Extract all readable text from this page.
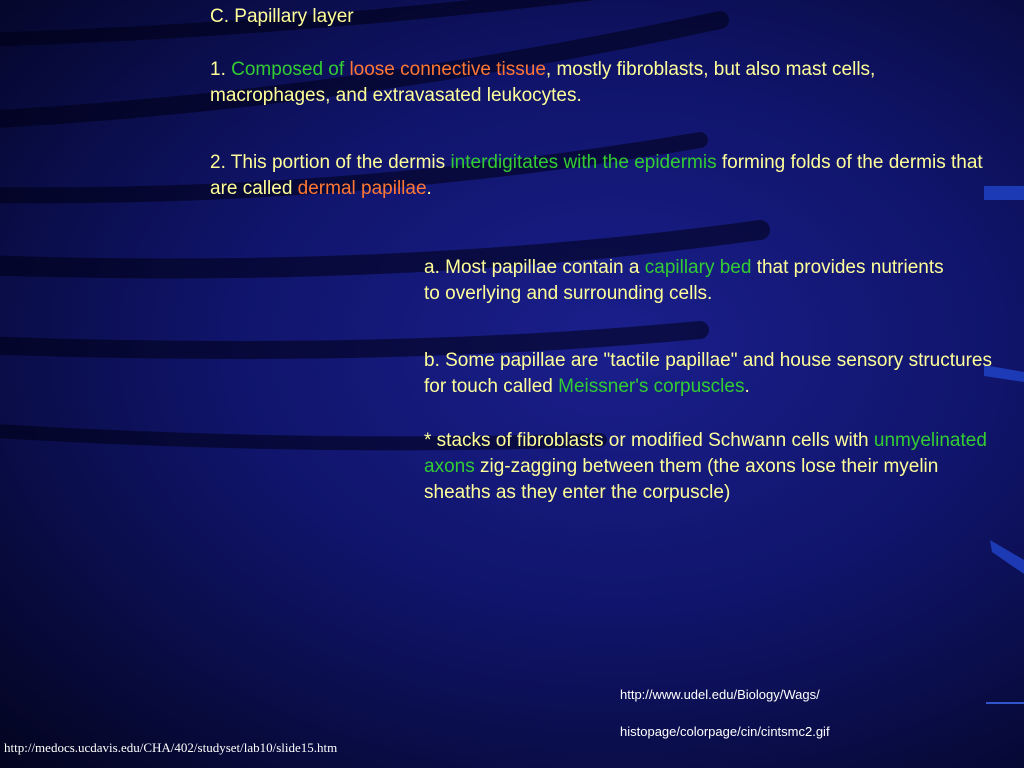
C. Papillary layer

1. Composed of loose connective tissue, mostly fibroblasts, but also mast cells, macrophages, and extravasated leukocytes.

2. This portion of the dermis interdigitates with the epidermis forming folds of the dermis that are called dermal papillae.

a. Most papillae contain a capillary bed that provides nutrients to overlying and surrounding cells.

b. Some papillae are "tactile papillae" and house sensory structures for touch called Meissner's corpuscles.

* stacks of fibroblasts or modified Schwann cells with unmyelinated axons zig-zagging between them (the axons lose their myelin sheaths as they enter the corpuscle)

http://www.udel.edu/Biology/Wags/
histopage/colorpage/cin/cintsmc2.gif
http://medocs.ucdavis.edu/CHA/402/studyset/lab10/slide15.htm
